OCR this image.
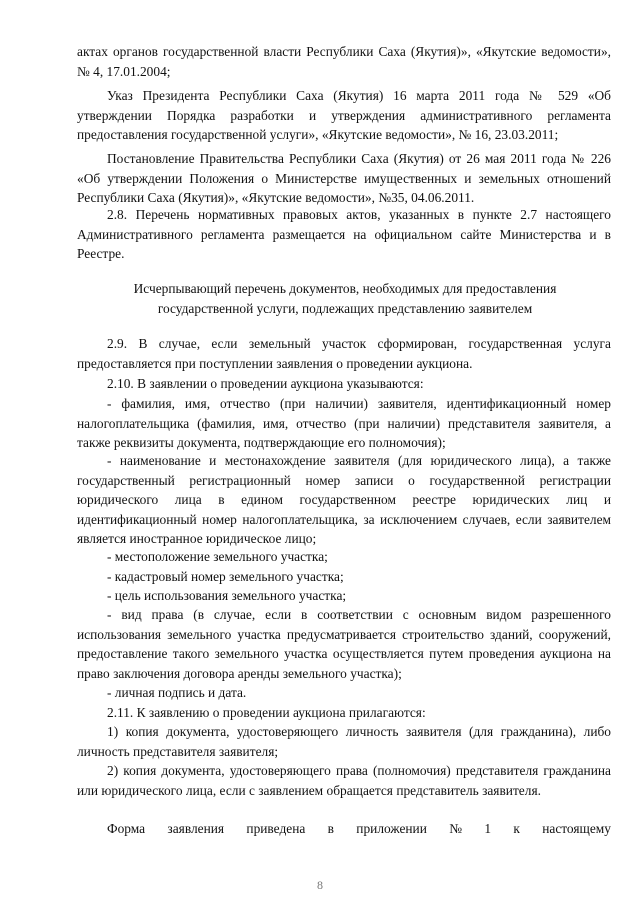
актах органов государственной власти Республики Саха (Якутия)», «Якутские ведомости», № 4, 17.01.2004;

Указ Президента Республики Саха (Якутия) 16 марта 2011 года № 529 «Об утверждении Порядка разработки и утверждения административного регламента предоставления государственной услуги», «Якутские ведомости», № 16, 23.03.2011;

Постановление Правительства Республики Саха (Якутия) от 26 мая 2011 года № 226 «Об утверждении Положения о Министерстве имущественных и земельных отношений Республики Саха (Якутия)», «Якутские ведомости», №35, 04.06.2011.

2.8. Перечень нормативных правовых актов, указанных в пункте 2.7 настоящего Административного регламента размещается на официальном сайте Министерства и в Реестре.

Исчерпывающий перечень документов, необходимых для предоставления государственной услуги, подлежащих представлению заявителем

2.9. В случае, если земельный участок сформирован, государственная услуга предоставляется при поступлении заявления о проведении аукциона.

2.10. В заявлении о проведении аукциона указываются:

- фамилия, имя, отчество (при наличии) заявителя, идентификационный номер налогоплательщика (фамилия, имя, отчество (при наличии) представителя заявителя, а также реквизиты документа, подтверждающие его полномочия);

- наименование и местонахождение заявителя (для юридического лица), а также государственный регистрационный номер записи о государственной регистрации юридического лица в едином государственном реестре юридических лиц и идентификационный номер налогоплательщика, за исключением случаев, если заявителем является иностранное юридическое лицо;

- местоположение земельного участка;

- кадастровый номер земельного участка;

- цель использования земельного участка;

- вид права (в случае, если в соответствии с основным видом разрешенного использования земельного участка предусматривается строительство зданий, сооружений, предоставление такого земельного участка осуществляется путем проведения аукциона на право заключения договора аренды земельного участка);

- личная подпись и дата.

2.11. К заявлению о проведении аукциона прилагаются:

1) копия документа, удостоверяющего личность заявителя (для гражданина), либо личность представителя заявителя;

2) копия документа, удостоверяющего права (полномочия) представителя гражданина или юридического лица, если с заявлением обращается представитель заявителя.

Форма заявления приведена в приложении № 1 к настоящему
8
